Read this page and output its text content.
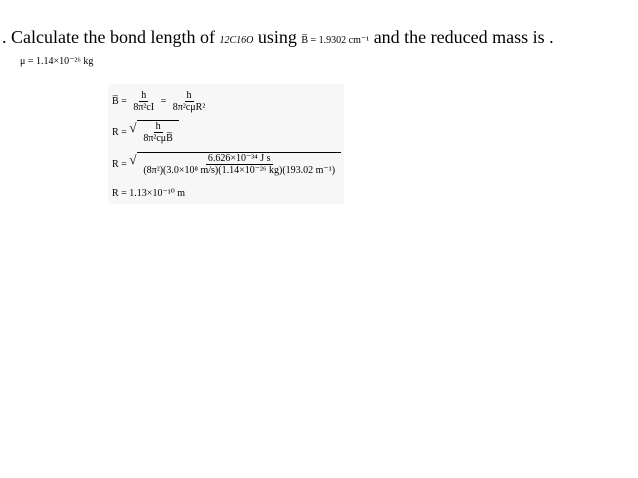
. Calculate the bond length of 12C16O using B̅ = 1.9302 cm⁻¹ and the reduced mass is .
μ = 1.14×10⁻²⁶ kg
B̅ = $\frac{h}{\text{8π²cI}} = \frac{h}{\text{8π²cμR²}}$
R = √ $\frac{h}{\text{8π²cμB̅}}$
R = √ $\frac{\text{6.626×10⁻³⁴ J s}}{\text{(8π²)(3.0×10⁸ m/s)(1.14×10⁻²⁶ kg)(193.02 m⁻¹)}}$
R = 1.13×10⁻¹⁰ m
